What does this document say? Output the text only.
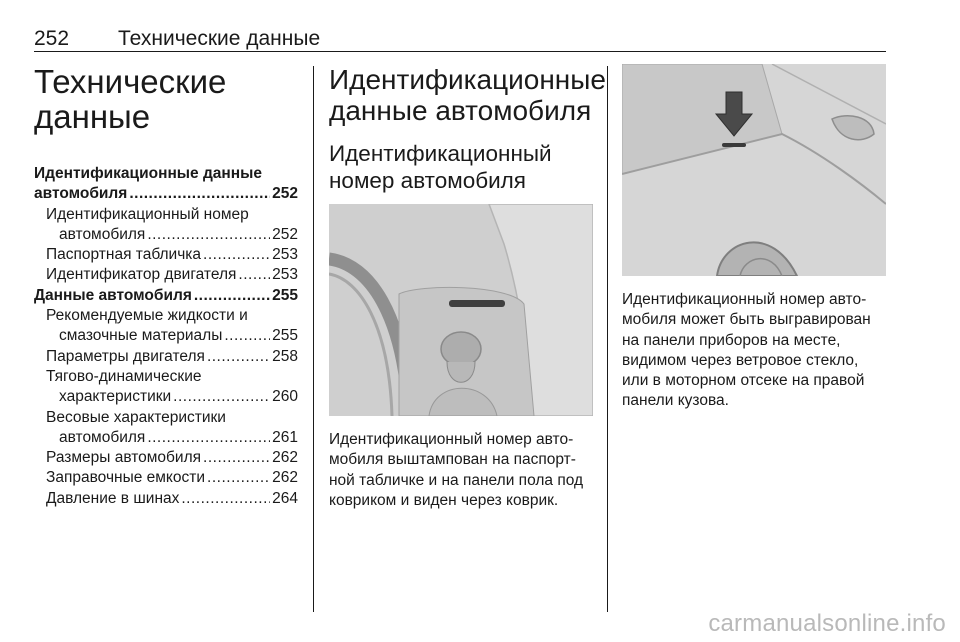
252 Технические данные
Технические
данные
Идентификационные данные
автомобиля .....	252
Идентификационный номер
автомобиля .....	252
Паспортная табличка .....	253
Идентификатор двигателя ..... 253
Данные автомобиля .....	255
Рекомендуемые жидкости и
смазочные материалы .....	255
Параметры двигателя .....	258
Тягово-динамические
характеристики .....	260
Весовые характеристики
автомобиля .....	261
Размеры автомобиля .....	262
Заправочные емкости .....	262
Давление в шинах .....	264
Идентификационные
данные автомобиля
Идентификационный
номер автомобиля
Идентификационный номер автомобиля выштампован на паспортной табличке и на панели пола под ковриком и виден через коврик.
Идентификационный номер автомобиля может быть выгравирован на панели приборов на месте, видимом через ветровое стекло, или в моторном отсеке на правой панели кузова.
carmanualsonline.info
